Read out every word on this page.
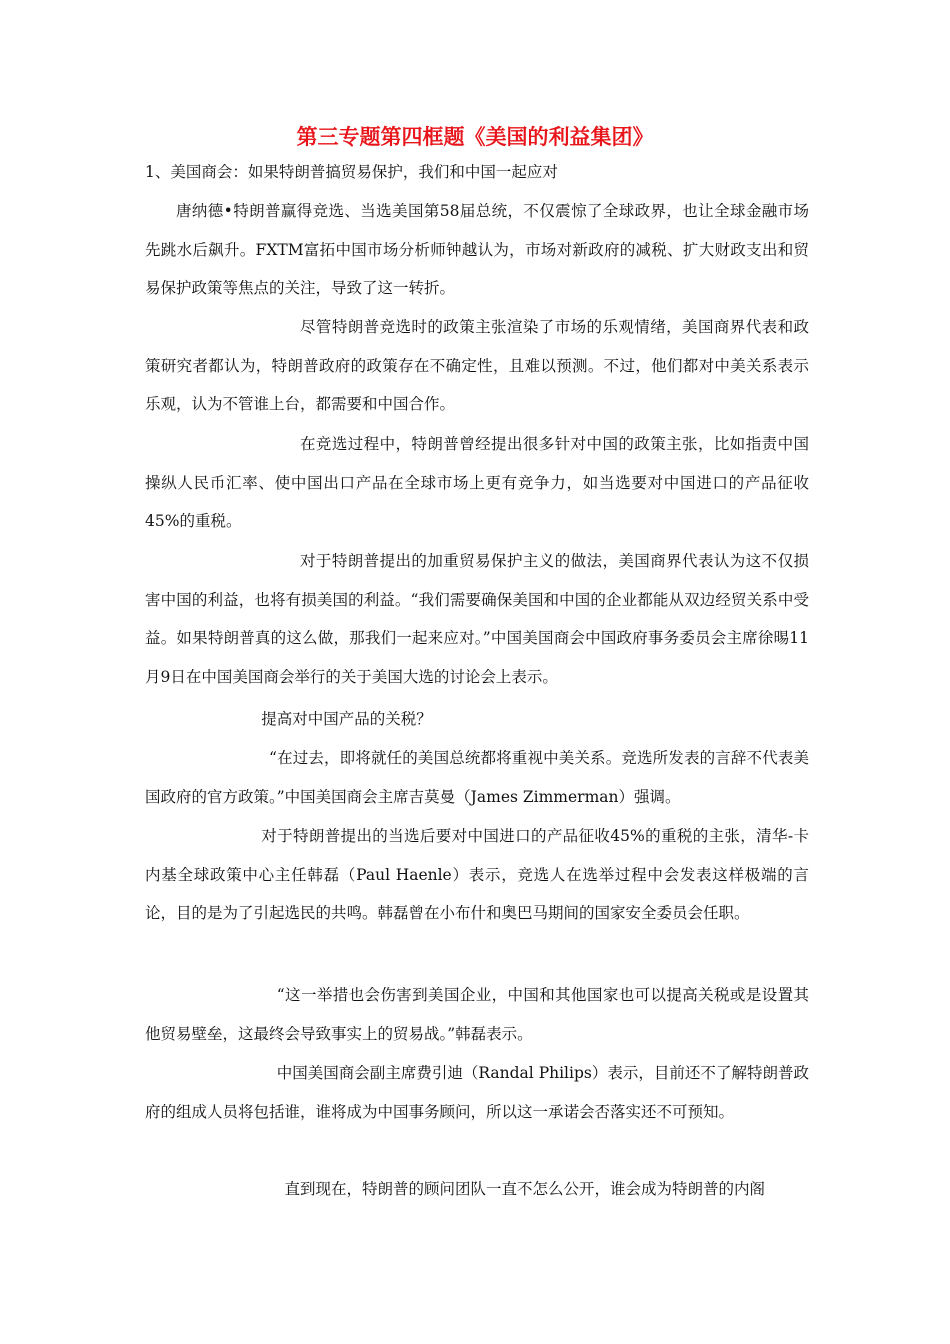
第三专题第四框题《美国的利益集团》
1、美国商会：如果特朗普搞贸易保护，我们和中国一起应对

唐纳德•特朗普赢得竞选、当选美国第58届总统，不仅震惊了全球政界，也让全球金融市场先跳水后飙升。FXTM富拓中国市场分析师钟越认为，市场对新政府的减税、扩大财政支出和贸易保护政策等焦点的关注，导致了这一转折。

尽管特朗普竞选时的政策主张渲染了市场的乐观情绪，美国商界代表和政策研究者都认为，特朗普政府的政策存在不确定性，且难以预测。不过，他们都对中美关系表示乐观，认为不管谁上台，都需要和中国合作。

在竞选过程中，特朗普曾经提出很多针对中国的政策主张，比如指责中国操纵人民币汇率、使中国出口产品在全球市场上更有竞争力，如当选要对中国进口的产品征收45%的重税。

对于特朗普提出的加重贸易保护主义的做法，美国商界代表认为这不仅损害中国的利益，也将有损美国的利益。“我们需要确保美国和中国的企业都能从双边经贸关系中受益。如果特朗普真的这么做，那我们一起来应对。”中国美国商会中国政府事务委员会主席徐晹11月9日在中国美国商会举行的关于美国大选的讨论会上表示。

提高对中国产品的关税？

“在过去，即将就任的美国总统都将重视中美关系。竞选所发表的言辞不代表美国政府的官方政策。”中国美国商会主席吉莫曼（James Zimmerman）强调。

对于特朗普提出的当选后要对中国进口的产品征收45%的重税的主张，清华-卡内基全球政策中心主任韩磊（Paul Haenle）表示，竞选人在选举过程中会发表这样极端的言论，目的是为了引起选民的共鸣。韩磊曾在小布什和奥巴马期间的国家安全委员会任职。

“这一举措也会伤害到美国企业，中国和其他国家也可以提高关税或是设置其他贸易壁垒，这最终会导致事实上的贸易战。”韩磊表示。

中国美国商会副主席费引迪（Randal Philips）表示，目前还不了解特朗普政府的组成人员将包括谁，谁将成为中国事务顾问，所以这一承诺会否落实还不可预知。

直到现在，特朗普的顾问团队一直不怎么公开，谁会成为特朗普的内阁
